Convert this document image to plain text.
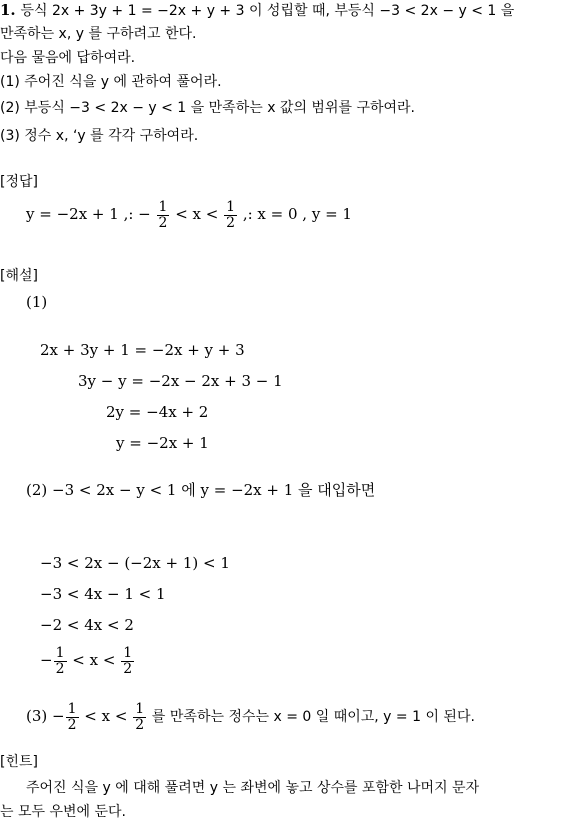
1. 등식 2x + 3y + 1 = −2x + y + 3 이 성립할 때, 부등식 −3 < 2x − y < 1 을
만족하는 x, y 를 구하려고 한다.
다음 물음에 답하여라.
(1) 주어진 식을 y 에 관하여 풀어라.
(2) 부등식 −3 < 2x − y < 1 을 만족하는 x 값의 범위를 구하여라.
(3) 정수 x, ‘y 를 각각 구하여라.
[정답]
y = −2x + 1 ,: − $\frac{1}{2} < x < \frac{1}{2}$ ,: x = 0 , y = 1
[해설]
(1)
2x + 3y + 1 = −2x + y + 3
3y − y = −2x − 2x + 3 − 1
2y = −4x + 2
y = −2x + 1
(2) −3 < 2x − y < 1 에 y = −2x + 1 을 대입하면
−3 < 2x − (−2x + 1) < 1
−3 < 4x − 1 < 1
−2 < 4x < 2
− $\frac{1}{2} < x < \frac{1}{2}$
$(3) - \frac{1}{2} < x < \frac{1}{2}$ 를 만족하는 정수는 x = 0 일 때이고, y = 1 이 된다.
[힌트]
주어진 식을 y 에 대해 풀려면 y 는 좌변에 놓고 상수를 포함한 나머지 문자
는 모두 우변에 둔다.
